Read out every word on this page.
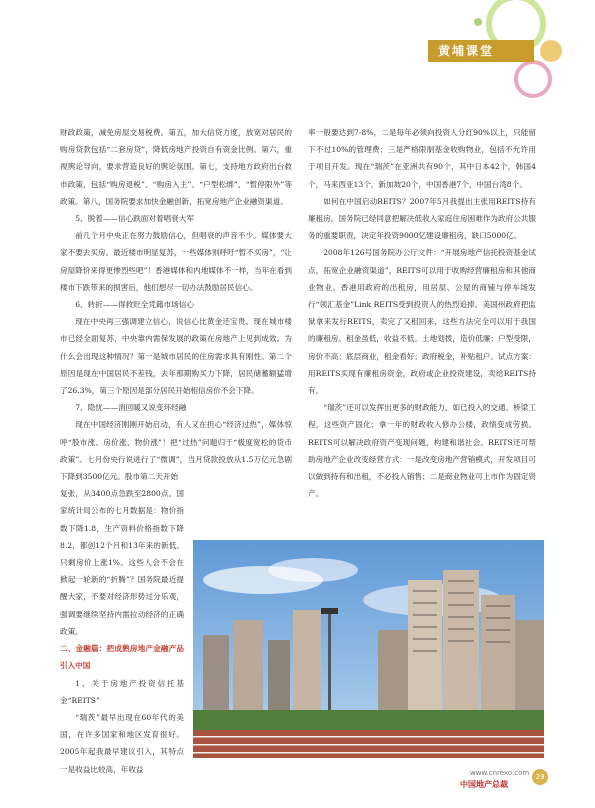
黄埔课堂

财政政策，减免房屋交易税费。第五，加大信贷力度，放宽对居民的购房贷款包括“二套房贷”，降低房地产投资自有资金比例。第六，重视舆论导向，要求营造良好的舆论氛围。第七，支持地方政府出台救市政策，包括“购房退税”、“购房入主”、“户型松绑”、“暂停限外”等政策。第八，国务院要求加快金融创新，拓宽房地产企业融资渠道。

5、脱着——信心跌面对着唱衰大军

前几个月中央正在努力鼓励信心，但唱衰的声音不少。媒体要大家不要去买房。最近楼市明显复苏，一些媒体则呼吁“暂不买房”，“让房屋降价来得更惨烈些吧”！香港媒体和内地媒体不一样，当年在看到楼市下跌带来的损害后，他们想尽一切办法鼓励居民信心。

6、转折——得救贬全凭籍市场信心

现在中央再三强调建立信心，说信心比黄金还宝贵。现在城市楼市已经全面复苏，中央靠内需保发展的政策在房地产上见到成效。为什么会出现这种情况？第一是城市居民的住房需求具有刚性。第二个原因是现在中国居民不差钱，去年那期购买力下降，居民储蓄额猛增了26.3%，第三个原因是部分居民开始相信房价不会下降。

7、隐忧——消回暖又说变环经融

现在中国经济刚刚开始启动，有人又在担心“经济过热”，媒体惊呼“股市涨、房价涨、物价涨”！把“过热”问题归于“极度宽松的货币政策”。七月份央行说进行了“微调”，当月贷款投放从1.5万亿元急剧下降到3500亿元。股市第二天开始

复张，从3400点急跌至2800点。国家统计局公布的七月数据是：物价指数下降1.8，生产资料价格指数下降8.2，都创12个月和13年来的新低。只剩房价上涨1%。这些人会不会在掀起一轮新的“折腾”？国务院最近提醒大家，不要对经济形势过分乐观，强调要继续坚持内需拉动经济的正确政策。

二、金融篇：把成熟房地产金融产品引入中国

1、关于房地产投资信托基金“REITS”

“瑞茨”最早出现在60年代的美国，在许多国家和地区发育很好。2005年起我最早建议引入，其特点一是收益比较高，年收益

率一般要达到7-8%，二是每年必须向投资人分红90%以上，只能留下不过10%的管理费；三是严格限制基金收购物业，包括不允许用于项目开发。现在“瑞茨”在亚洲共有90个，其中日本42个，韩国4个，马来西亚13个，新加坡20个，中国香港7个，中国台湾8个。

如何在中国启动REITS？2007年5月我提出主张用REITS持有廉租房。国务院已经同意把解决低收入家庭住房困难作为政府公共服务的重要职责，决定年投资9000亿建设廉租房，缺口5000亿。

2008年126号国务院办公厅文件：“开展房地产信托投资基金试点，拓宽企业融资渠道”，REITS可以用于收购经营廉租房和其他商业物业。香港用政府的出租房，用居屋、公屋的商铺与停车场发行“领汇基金”Link REITS受到投资人的热烈追捧。美国州政府把监狱拿来发行REITS，卖完了又租回来，这些方法完全可以用于我国的廉租房。租金虽低，收益不低。土地划拨，造价低廉；户型受限，房价不高；底层商业，租金看好；政府税金，补贴租户。试点方案：用REITS买现有廉租房资金，政府或企业投资建设，卖给REITS持有。

“瑞茨”还可以发挥出更多的财政能力，如已投入的交通、桥梁工程，这些资产固化；拿一年的财政收入修办公楼，政绩变成劳损。REITS可以解决政府资产变现问题，构建和谐社会。REITS还可帮助房地产企业改变经营方式：一是改变房地产营销模式，开发项目可以做到持有和出租，不必投入销售；二是商业物业可上市作为固定资产。

www.cnrexo.com
中国地产总裁
29
